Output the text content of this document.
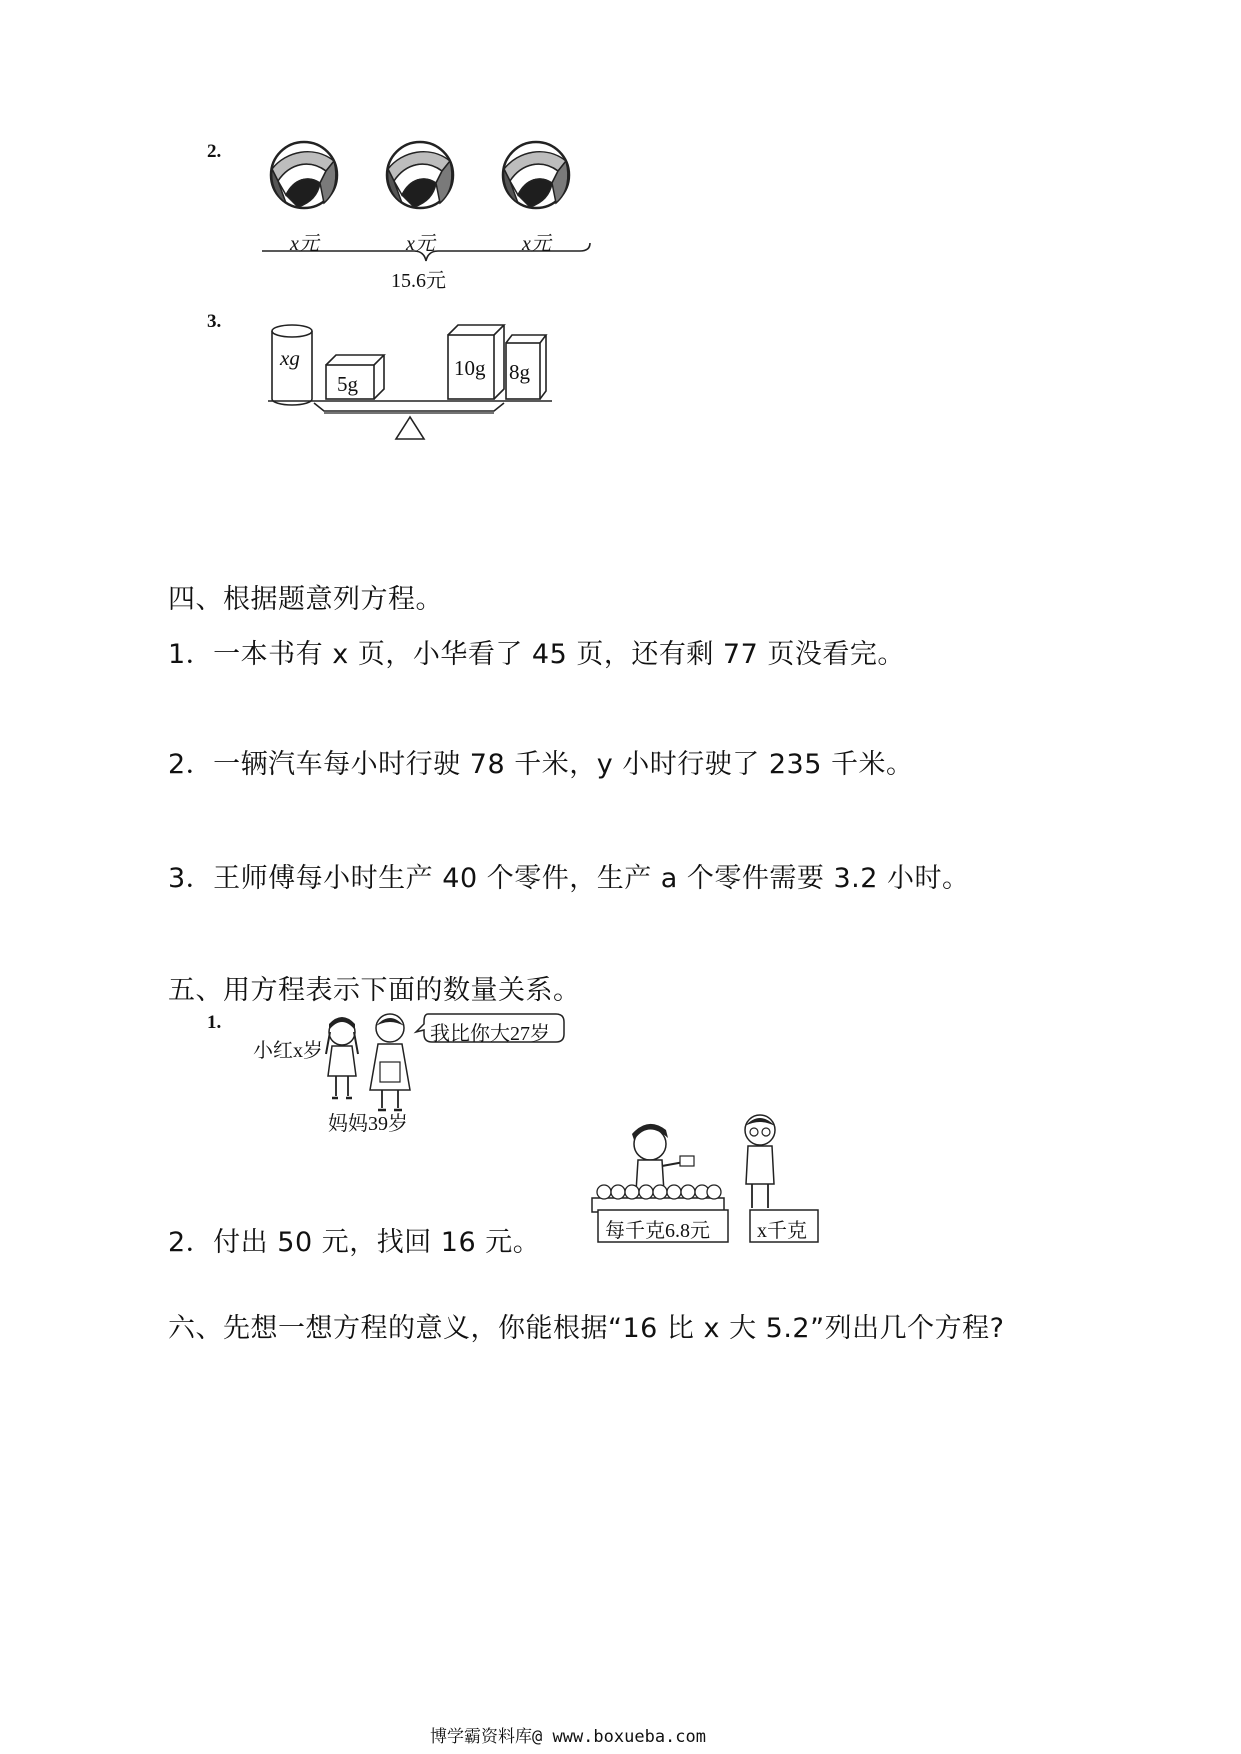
2.
x元	x元	x元
15.6元
3.
xg
5g
10g 8g
四、根据题意列方程。
1．一本书有 x 页，小华看了 45 页，还有剩 77 页没看完。
2．一辆汽车每小时行驶 78 千米，y 小时行驶了 235 千米。
3．王师傅每小时生产 40 个零件，生产 a 个零件需要 3.2 小时。
五、用方程表示下面的数量关系。
1.
小红x岁
我比你大27岁
妈妈39岁
2．付出 50 元，找回 16 元。	每千克6.8元 x千克
六、先想一想方程的意义，你能根据“16 比 x 大 5.2”列出几个方程?
博学霸资料库@ www.boxueba.com
